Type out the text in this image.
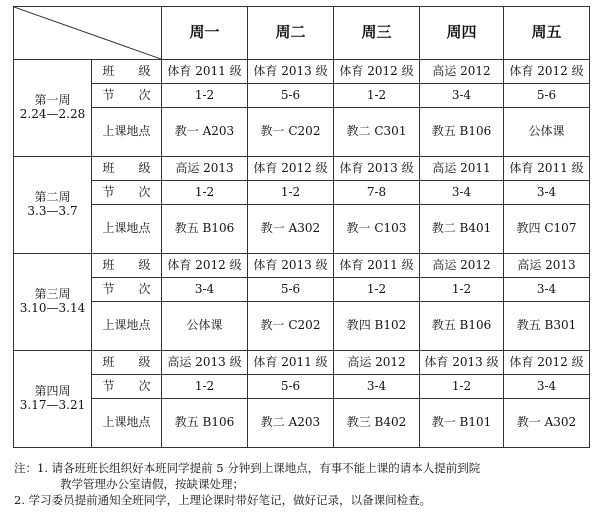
	周一	周二	周三	周四	周五

第一周
2.24—2.28	班　　级	体育 2011 级	体育 2013 级	体育 2012 级	高运 2012	体育 2012 级
	节　　次	1-2	5-6	1-2	3-4	5-6
	上课地点	教一 A203	教一 C202	教二 C301	教五 B106	公体课

第二周
3.3—3.7	班　　级	高运 2013	体育 2012 级	体育 2013 级	高运 2011	体育 2011 级
	节　　次	1-2	1-2	7-8	3-4	3-4
	上课地点	教五 B106	教一 A302	教一 C103	教二 B401	教四 C107

第三周
3.10—3.14	班　　级	体育 2012 级	体育 2013 级	体育 2011 级	高运 2012	高运 2013
	节　　次	3-4	5-6	1-2	1-2	3-4
	上课地点	公体课	教一 C202	教四 B102	教五 B106	教五 B301

第四周
3.17—3.21	班　　级	高运 2013 级	体育 2011 级	高运 2012	体育 2013 级	体育 2012 级
	节　　次	1-2	5-6	3-4	1-2	3-4
	上课地点	教五 B106	教二 A203	教三 B402	教一 B101	教一 A302

注：1. 请各班班长组织好本班同学提前 5 分钟到上课地点，有事不能上课的请本人提前到院

教学管理办公室请假，按缺课处理；

2. 学习委员提前通知全班同学，上理论课时带好笔记，做好记录，以备课间检查。
